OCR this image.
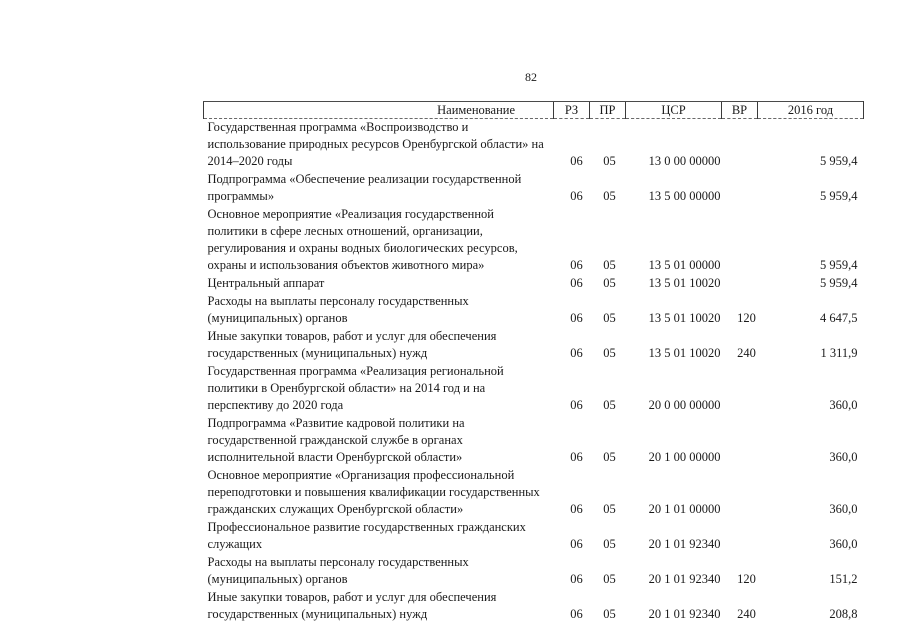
82
Наименование	РЗ	ПР	ЦСР	ВР	2016 год
Государственная программа «Воспроизводство и использование природных ресурсов Оренбургской области» на 2014–2020 годы	06	05	13 0 00 00000		5 959,4
Подпрограмма «Обеспечение реализации государственной программы»	06	05	13 5 00 00000		5 959,4
Основное мероприятие «Реализация государственной политики в сфере лесных отношений, организации, регулирования и охраны водных биологических ресурсов, охраны и использования объектов животного мира»	06	05	13 5 01 00000		5 959,4
Центральный аппарат	06	05	13 5 01 10020		5 959,4
Расходы на выплаты персоналу государственных (муниципальных) органов	06	05	13 5 01 10020	120	4 647,5
Иные закупки товаров, работ и услуг для обеспечения государственных (муниципальных) нужд	06	05	13 5 01 10020	240	1 311,9
Государственная программа «Реализация региональной политики в Оренбургской области» на 2014 год и на перспективу до 2020 года	06	05	20 0 00 00000		360,0
Подпрограмма «Развитие кадровой политики на государственной гражданской службе в органах исполнительной власти Оренбургской области»	06	05	20 1 00 00000		360,0
Основное мероприятие «Организация профессиональной переподготовки и повышения квалификации государственных гражданских служащих Оренбургской области»	06	05	20 1 01 00000		360,0
Профессиональное развитие государственных гражданских служащих	06	05	20 1 01 92340		360,0
Расходы на выплаты персоналу государственных (муниципальных) органов	06	05	20 1 01 92340	120	151,2
Иные закупки товаров, работ и услуг для обеспечения государственных (муниципальных) нужд	06	05	20 1 01 92340	240	208,8
